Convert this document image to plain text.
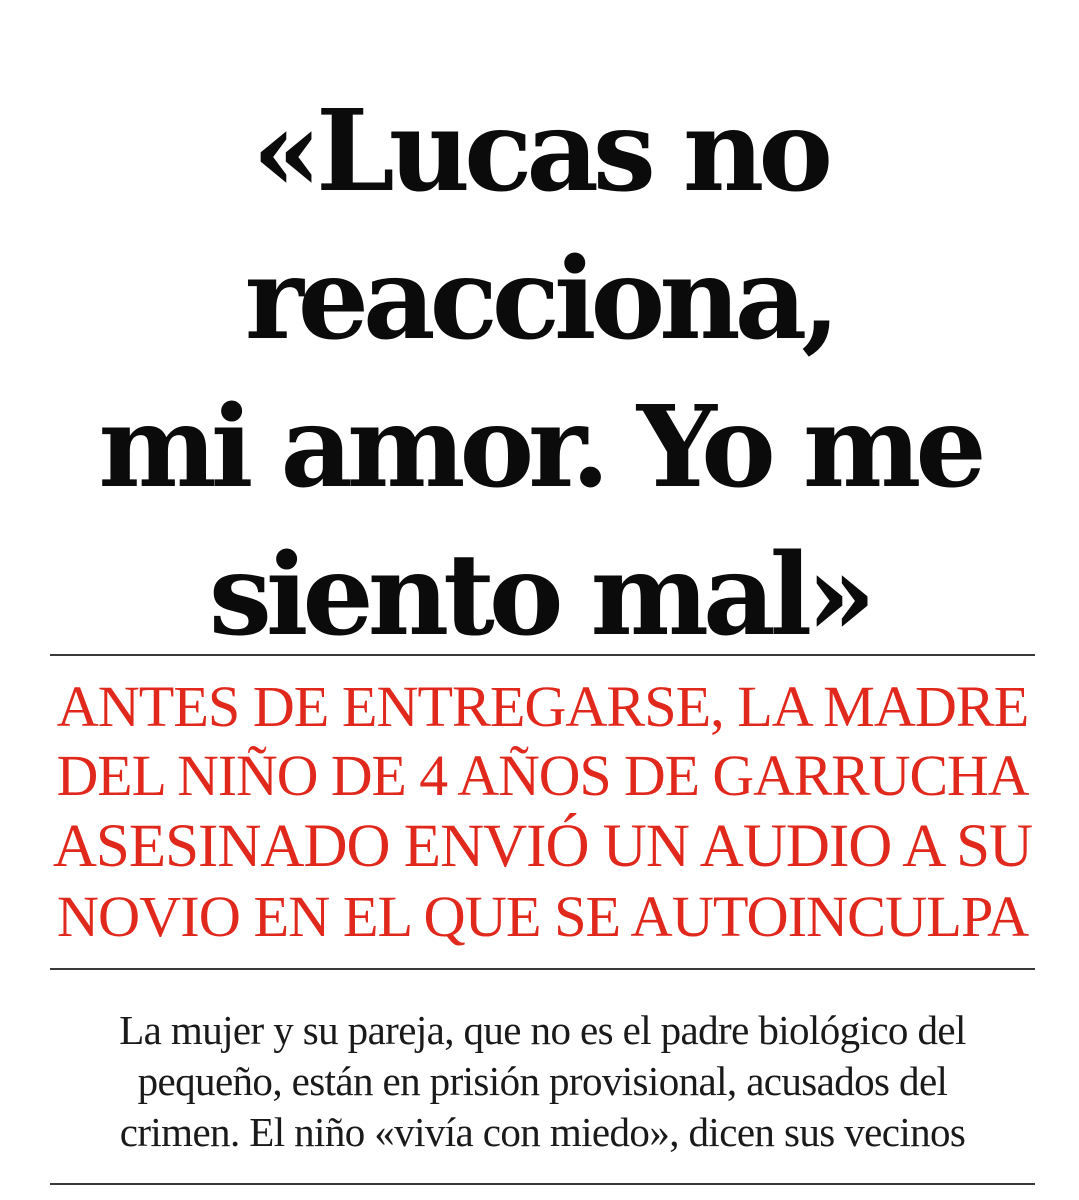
«Lucas no
reacciona,
mi amor. Yo me
siento mal»
ANTES DE ENTREGARSE, LA MADRE
DEL NIÑO DE 4 AÑOS DE GARRUCHA
ASESINADO ENVIÓ UN AUDIO A SU
NOVIO EN EL QUE SE AUTOINCULPA

La mujer y su pareja, que no es el padre biológico del
pequeño, están en prisión provisional, acusados del
crimen. El niño «vivía con miedo», dicen sus vecinos
